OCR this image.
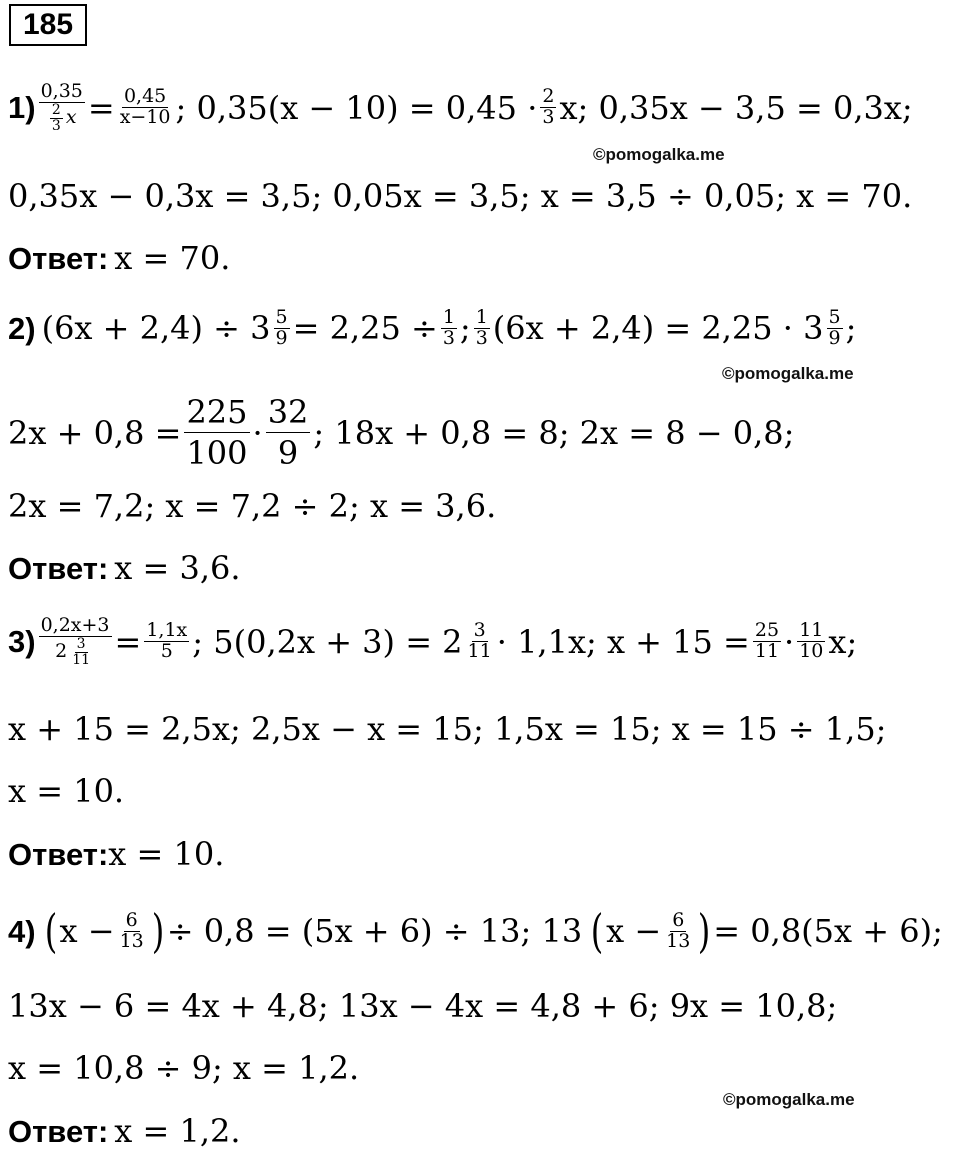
185
$1) \frac{0,35}{\frac{2}{3} x} = \frac{0,45}{x-10}$ ; $0,35(x - 10) = 0,45 \cdot \frac{2}{3} x$; 0,35x − 3,5 = 0,3x;
©pomogalka.me
0,35x − 0,3x = 3,5; 0,05x = 3,5; x = 3,5 ÷ 0,05; x = 70.
Ответ: x = 70.
2) $(6x + 2,4) \div 3 \frac{5}{9} = 2,25 \div \frac{1}{3}$ ; $\frac{1}{3} (6x + 2,4) = 2,25 \cdot 3 \frac{5}{9}$ ;
©pomogalka.me
$2x + 0,8 = \frac{225}{100} \cdot \frac{32}{9}$ ; 18x + 0,8 = 8; 2x = 8 − 0,8;
2x = 7,2; x = 7,2 ÷ 2; x = 3,6.
Ответ: x = 3,6.
$3) \frac{0,2x+3}{2 \frac{3}{11}} = \frac{1,1x}{5}$ ; $5(0,2x + 3) = 2 \frac{3}{11} \cdot 1,1x$; $x + 15 = \frac{25}{11} \cdot \frac{11}{10} x$;
x + 15 = 2,5x; 2,5x − x = 15; 1,5x = 15; x = 15 ÷ 1,5;
x = 10.
Ответ: x = 10.
4) ( $x - \frac{6}{13}$ ) ÷ 0,8 = (5x + 6) ÷ 13; 13 ( $x - \frac{6}{13}$ ) = 0,8(5x + 6);
13x − 6 = 4x + 4,8; 13x − 4x = 4,8 + 6; 9x = 10,8;
x = 10,8 ÷ 9; x = 1,2.
©pomogalka.me
Ответ: x = 1,2.
